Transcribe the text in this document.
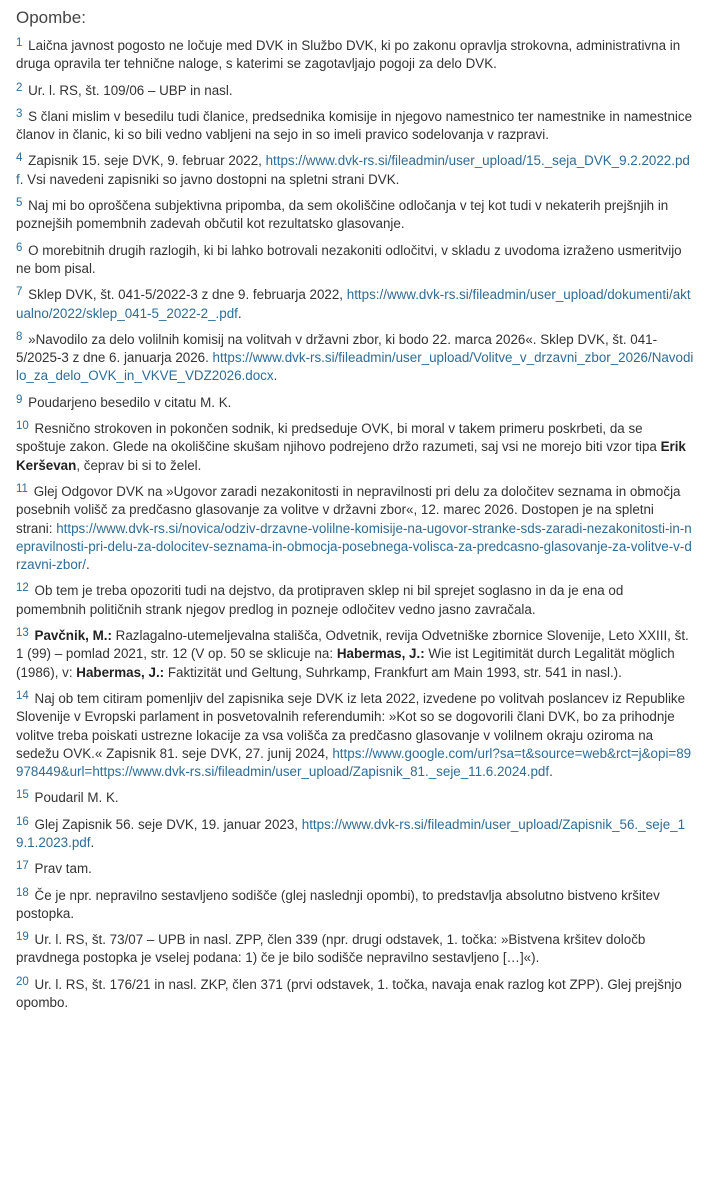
Opombe:
$^1$ Laična javnost pogosto ne ločuje med DVK in Službo DVK, ki po zakonu opravlja strokovna, administrativna in druga opravila ter tehnične naloge, s katerimi se zagotavljajo pogoji za delo DVK.
$^2$ Ur. l. RS, št. 109/06 – UBP in nasl.
$^3$ S člani mislim v besedilu tudi članice, predsednika komisije in njegovo namestnico ter namestnike in namestnice članov in članic, ki so bili vedno vabljeni na sejo in so imeli pravico sodelovanja v razpravi.
$^4$ Zapisnik 15. seje DVK, 9. februar 2022, https://www.dvk-rs.si/fileadmin/user_upload/15._seja_DVK_9.2.2022.pdf. Vsi navedeni zapisniki so javno dostopni na spletni strani DVK.
$^5$ Naj mi bo oproščena subjektivna pripomba, da sem okoliščine odločanja v tej kot tudi v nekaterih prejšnjih in poznejših pomembnih zadevah občutil kot rezultatsko glasovanje.
$^6$ O morebitnih drugih razlogih, ki bi lahko botrovali nezakoniti odločitvi, v skladu z uvodoma izraženo usmeritvijo ne bom pisal.
$^7$ Sklep DVK, št. 041-5/2022-3 z dne 9. februarja 2022, https://www.dvk-rs.si/fileadmin/user_upload/dokumenti/aktualno/2022/sklep_041-5_2022-2_.pdf.
$^8$ »Navodilo za delo volilnih komisij na volitvah v državni zbor, ki bodo 22. marca 2026«. Sklep DVK, št. 041-5/2025-3 z dne 6. januarja 2026. https://www.dvk-rs.si/fileadmin/user_upload/Volitve_v_drzavni_zbor_2026/Navodilo_za_delo_OVK_in_VKVE_VDZ2026.docx.
$^9$ Poudarjeno besedilo v citatu M. K.
$^{10}$ Resnično strokoven in pokončen sodnik, ki predseduje OVK, bi moral v takem primeru poskrbeti, da se spoštuje zakon. Glede na okoliščine skušam njihovo podrejeno držo razumeti, saj vsi ne morejo biti vzor tipa Erik Kerševan, čeprav bi si to želel.
$^{11}$ Glej Odgovor DVK na »Ugovor zaradi nezakonitosti in nepravilnosti pri delu za določitev seznama in območja posebnih volišč za predčasno glasovanje za volitve v državni zbor«, 12. marec 2026. Dostopen je na spletni strani: https://www.dvk-rs.si/novica/odziv-drzavne-volilne-komisije-na-ugovor-stranke-sds-zaradi-nezakonitosti-in-nepravilnosti-pri-delu-za-dolocitev-seznama-in-obmocja-posebnega-volisca-za-predcasno-glasovanje-za-volitve-v-drzavni-zbor/.
$^{12}$ Ob tem je treba opozoriti tudi na dejstvo, da protipraven sklep ni bil sprejet soglasno in da je ena od pomembnih političnih strank njegov predlog in pozneje odločitev vedno jasno zavračala.
$^{13}$ Pavčnik, M.: Razlagalno-utemeljevalna stališča, Odvetnik, revija Odvetniške zbornice Slovenije, Leto XXIII, št. 1 (99) – pomlad 2021, str. 12 (V op. 50 se sklicuje na: Habermas, J.: Wie ist Legitimität durch Legalität möglich (1986), v: Habermas, J.: Faktizität und Geltung, Suhrkamp, Frankfurt am Main 1993, str. 541 in nasl.).
$^{14}$ Naj ob tem citiram pomenljiv del zapisnika seje DVK iz leta 2022, izvedene po volitvah poslancev iz Republike Slovenije v Evropski parlament in posvetovalnih referendumih: »Kot so se dogovorili člani DVK, bo za prihodnje volitve treba poiskati ustrezne lokacije za vsa volišča za predčasno glasovanje v volilnem okraju oziroma na sedežu OVK.« Zapisnik 81. seje DVK, 27. junij 2024, https://www.google.com/url?sa=t&source=web&rct=j&opi=89978449&url=https://www.dvk-rs.si/fileadmin/user_upload/Zapisnik_81._seje_11.6.2024.pdf.
$^{15}$ Poudaril M. K.
$^{16}$ Glej Zapisnik 56. seje DVK, 19. januar 2023, https://www.dvk-rs.si/fileadmin/user_upload/Zapisnik_56._seje_19.1.2023.pdf.
$^{17}$ Prav tam.
$^{18}$ Če je npr. nepravilno sestavljeno sodišče (glej naslednji opombi), to predstavlja absolutno bistveno kršitev postopka.
$^{19}$ Ur. l. RS, št. 73/07 – UPB in nasl. ZPP, člen 339 (npr. drugi odstavek, 1. točka: »Bistvena kršitev določb pravdnega postopka je vselej podana: 1) če je bilo sodišče nepravilno sestavljeno […]«).
$^{20}$ Ur. l. RS, št. 176/21 in nasl. ZKP, člen 371 (prvi odstavek, 1. točka, navaja enak razlog kot ZPP). Glej prejšnjo opombo.
